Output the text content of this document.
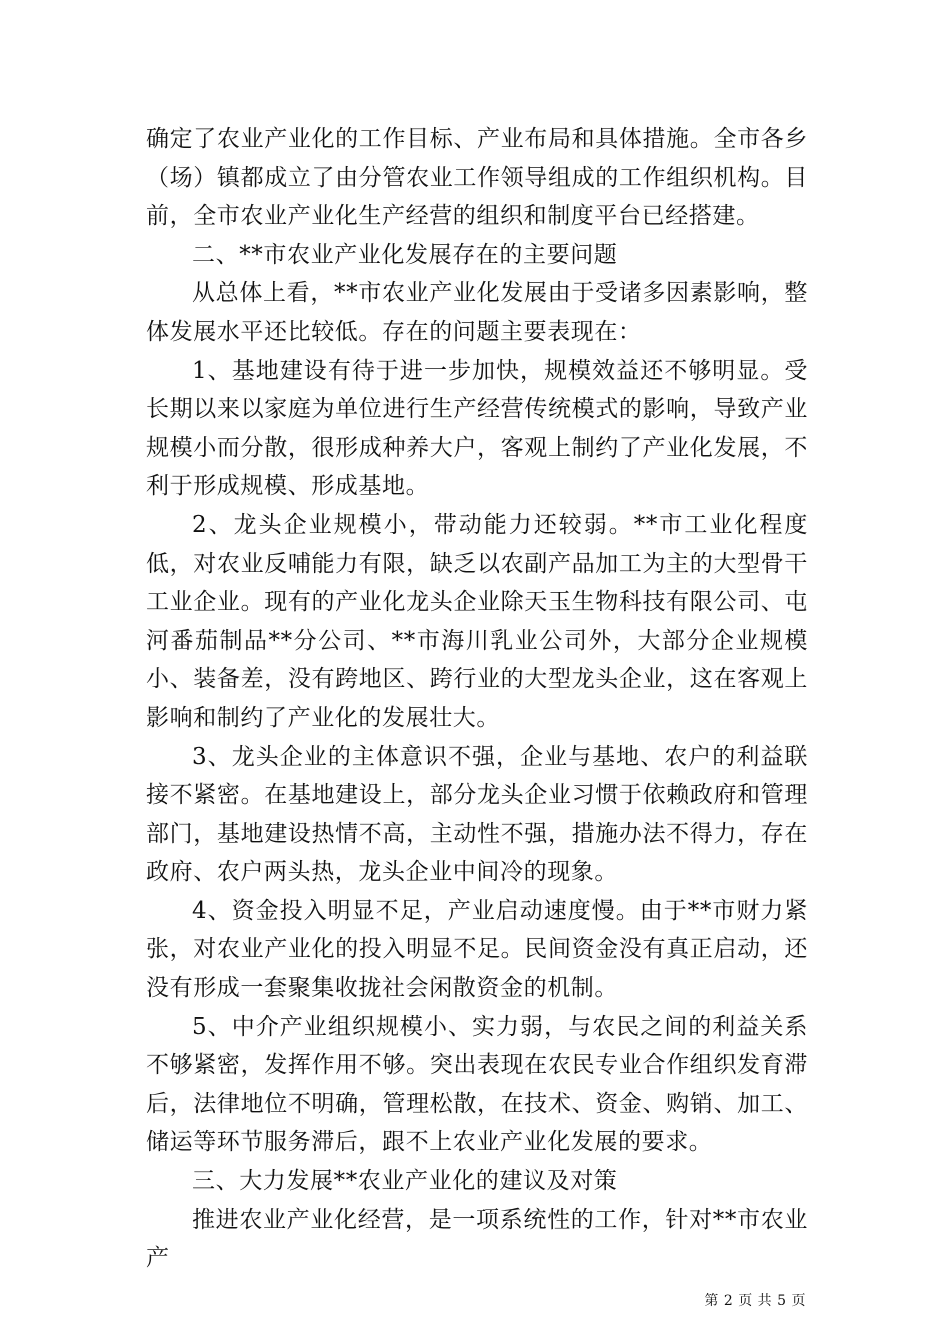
确定了农业产业化的工作目标、产业布局和具体措施。全市各乡（场）镇都成立了由分管农业工作领导组成的工作组织机构。目前，全市农业产业化生产经营的组织和制度平台已经搭建。

二、**市农业产业化发展存在的主要问题

从总体上看，**市农业产业化发展由于受诸多因素影响，整体发展水平还比较低。存在的问题主要表现在：

1、基地建设有待于进一步加快，规模效益还不够明显。受长期以来以家庭为单位进行生产经营传统模式的影响，导致产业规模小而分散，很形成种养大户，客观上制约了产业化发展，不利于形成规模、形成基地。

2、龙头企业规模小，带动能力还较弱。**市工业化程度低，对农业反哺能力有限，缺乏以农副产品加工为主的大型骨干工业企业。现有的产业化龙头企业除天玉生物科技有限公司、屯河番茄制品**分公司、**市海川乳业公司外，大部分企业规模小、装备差，没有跨地区、跨行业的大型龙头企业，这在客观上影响和制约了产业化的发展壮大。

3、龙头企业的主体意识不强，企业与基地、农户的利益联接不紧密。在基地建设上，部分龙头企业习惯于依赖政府和管理部门，基地建设热情不高，主动性不强，措施办法不得力，存在政府、农户两头热，龙头企业中间冷的现象。

4、资金投入明显不足，产业启动速度慢。由于**市财力紧张，对农业产业化的投入明显不足。民间资金没有真正启动，还没有形成一套聚集收拢社会闲散资金的机制。

5、中介产业组织规模小、实力弱，与农民之间的利益关系不够紧密，发挥作用不够。突出表现在农民专业合作组织发育滞后，法律地位不明确，管理松散，在技术、资金、购销、加工、储运等环节服务滞后，跟不上农业产业化发展的要求。

三、大力发展**农业产业化的建议及对策

推进农业产业化经营，是一项系统性的工作，针对**市农业产

第 2 页 共 5 页
